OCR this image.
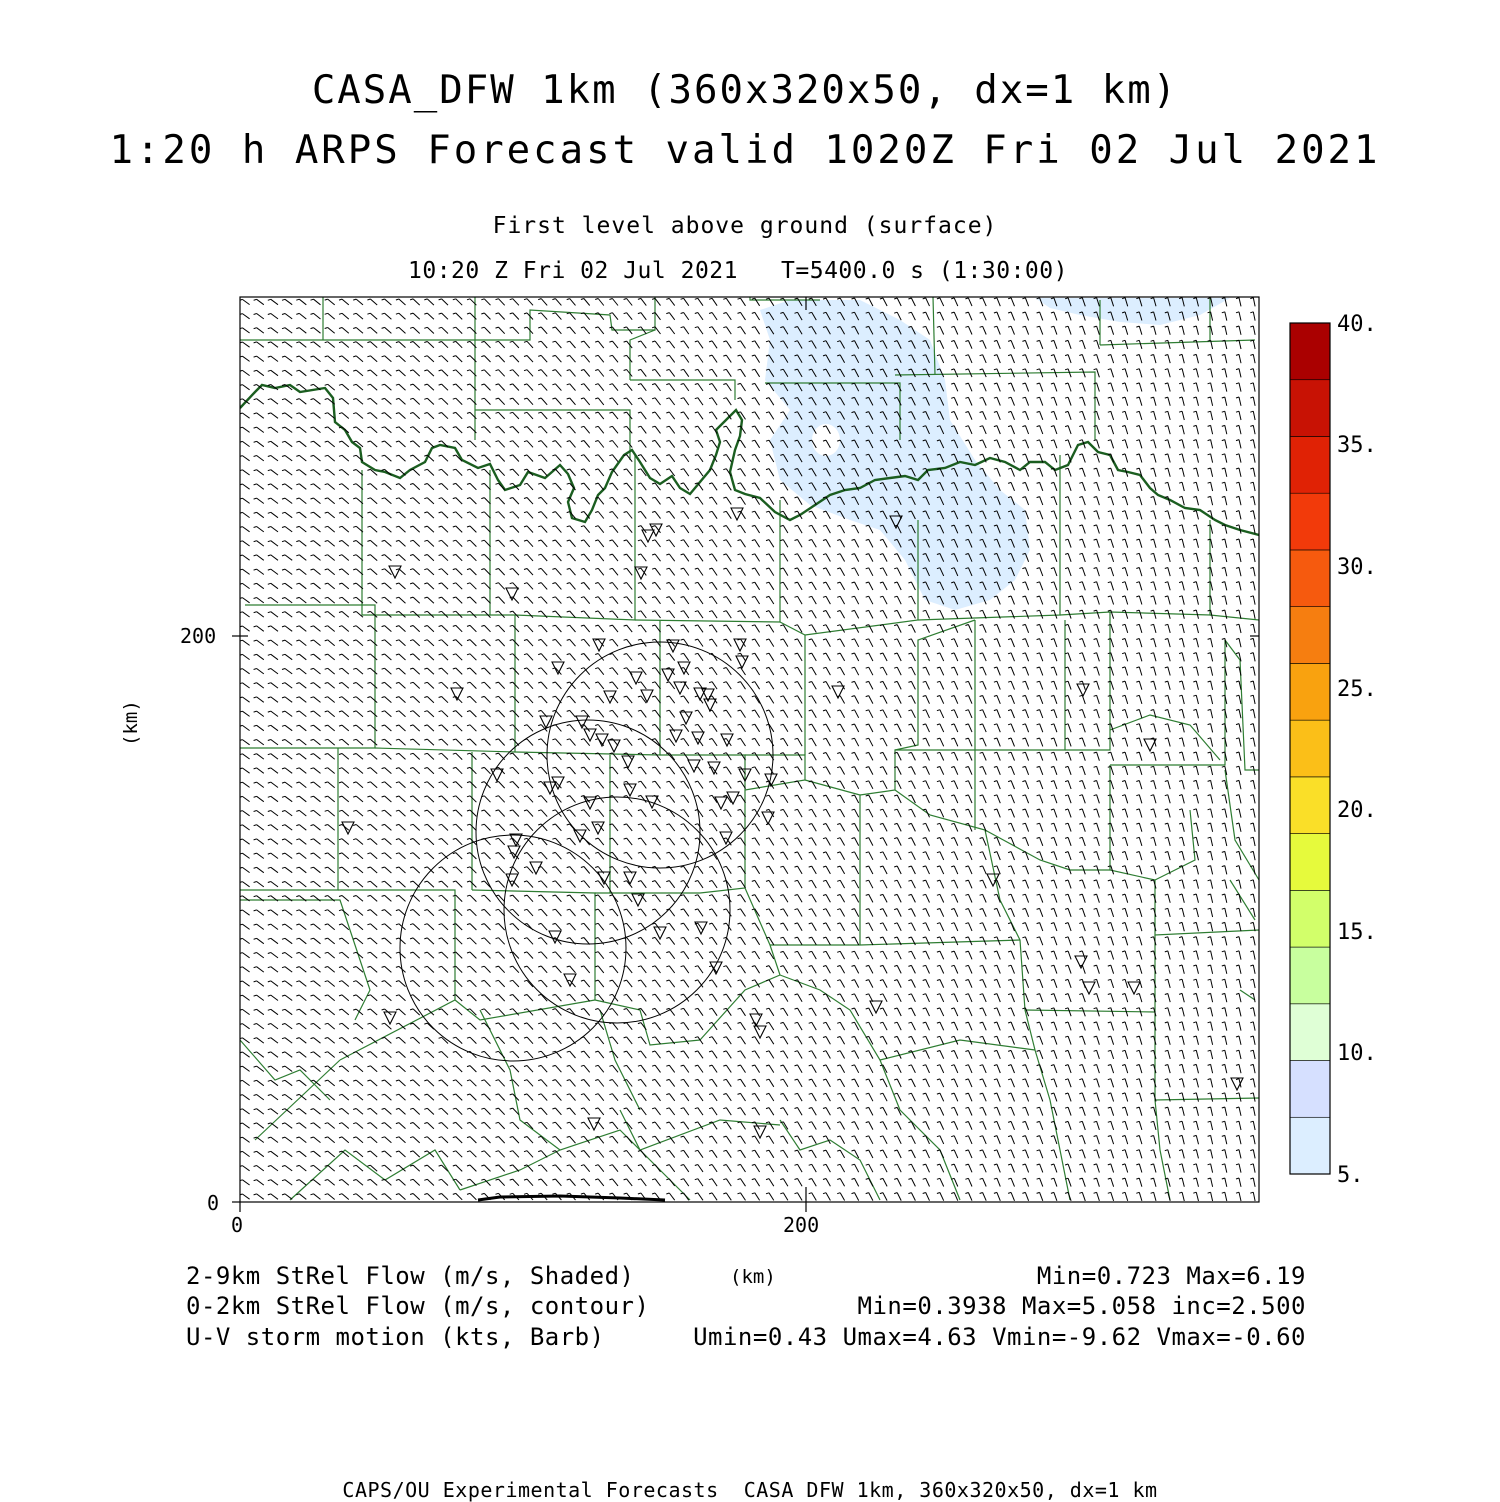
CASA_DFW 1km (360x320x50, dx=1 km)
1:20 h ARPS Forecast valid 1020Z Fri 02 Jul 2021
First level above ground (surface)
10:20 Z Fri 02 Jul 2021   T=5400.0 s (1:30:00)
(km)
0	200
0
200
5.
10.
15.
20.
25.
30.
35.
40.
2-9km StRel Flow (m/s, Shaded)	(km)	Min=0.723 Max=6.19
0-2km StRel Flow (m/s, contour)	Min=0.3938 Max=5.058 inc=2.500
U-V storm motion (kts, Barb)	Umin=0.43 Umax=4.63 Vmin=-9.62 Vmax=-0.60
CAPS/OU Experimental Forecasts  CASA DFW 1km, 360x320x50, dx=1 km
